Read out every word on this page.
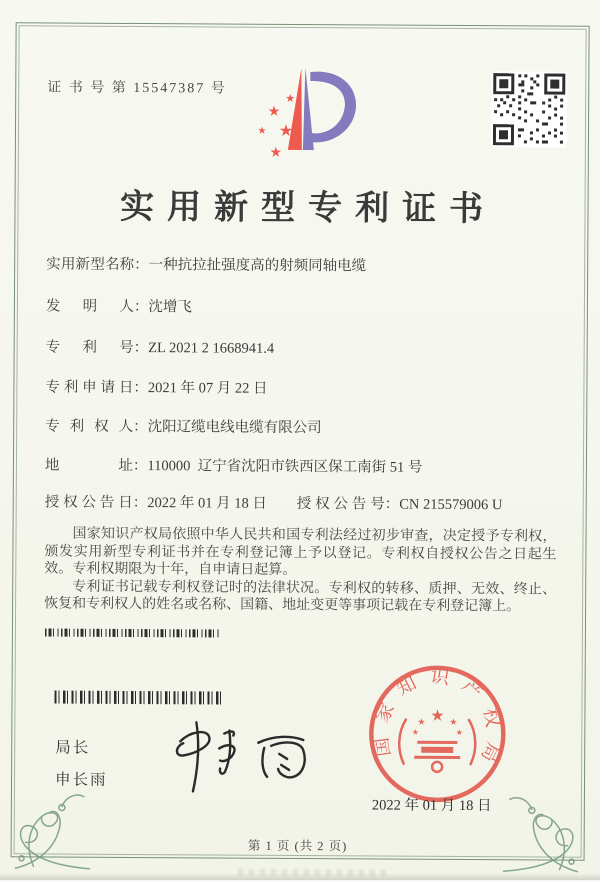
证 书 号 第 15547387 号
★
★
★
★
★
实用新型专利证书
实用新型名称：一种抗拉扯强度高的射频同轴电缆
发明人：沈增飞
专利号：ZL 2021 2 1668941.4
专利申请日：2021 年 07 月 22 日
专利权人：沈阳辽缆电线电缆有限公司
地址：110000  辽宁省沈阳市铁西区保工南街 51 号
授权公告日：2022 年 01 月 18 日 授权公告号：CN 215579006 U

国家知识产权局依照中华人民共和国专利法经过初步审查，决定授予专利权，颁发实用新型专利证书并在专利登记簿上予以登记。专利权自授权公告之日起生效。专利权期限为十年，自申请日起算。

专利证书记载专利权登记时的法律状况。专利权的转移、质押、无效、终止、恢复和专利权人的姓名或名称、国籍、地址变更等事项记载在专利登记簿上。

局长
申长雨
国家知识产权局
★
★	★
★	★
2022 年 01 月 18 日
第 1 页 (共 2 页)
